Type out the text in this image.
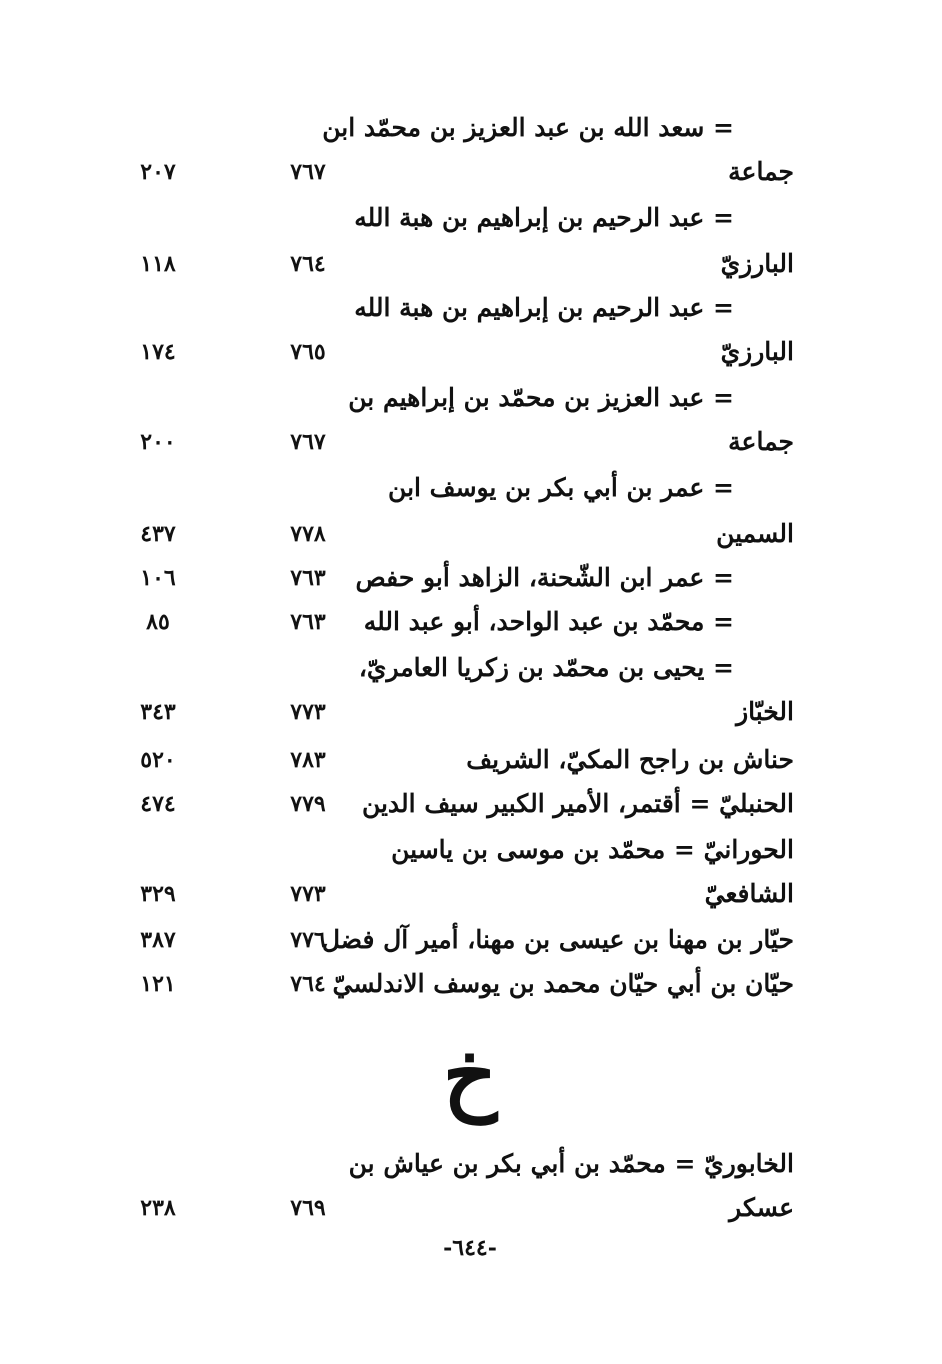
= سعد الله بن عبد العزيز بن محمّد ابن
جماعة
٧٦٧
٢٠٧
= عبد الرحيم بن إبراهيم بن هبة الله
البارزيّ
٧٦٤
١١٨
= عبد الرحيم بن إبراهيم بن هبة الله
البارزيّ
٧٦٥
١٧٤
= عبد العزيز بن محمّد بن إبراهيم بن
جماعة
٧٦٧
٢٠٠
= عمر بن أبي بكر بن يوسف ابن
السمين
٧٧٨
٤٣٧
= عمر ابن الشّحنة، الزاهد أبو حفص
٧٦٣
١٠٦
= محمّد بن عبد الواحد، أبو عبد الله
٧٦٣
٨٥
= يحيى بن محمّد بن زكريا العامريّ،
الخبّاز
٧٧٣
٣٤٣
حناش بن راجح المكيّ، الشريف
٧٨٣
٥٢٠
الحنبليّ = أقتمر، الأمير الكبير سيف الدين
٧٧٩
٤٧٤
الحورانيّ = محمّد بن موسى بن ياسين
الشافعيّ
٧٧٣
٣٢٩
حيّار بن مهنا بن عيسى بن مهنا، أمير آل فضل
٧٧٦
٣٨٧
حيّان بن أبي حيّان محمد بن يوسف الاندلسيّ
٧٦٤
١٢١
خ
الخابوريّ = محمّد بن أبي بكر بن عياش بن
عسكر
٧٦٩
٢٣٨
-٦٤٤-
